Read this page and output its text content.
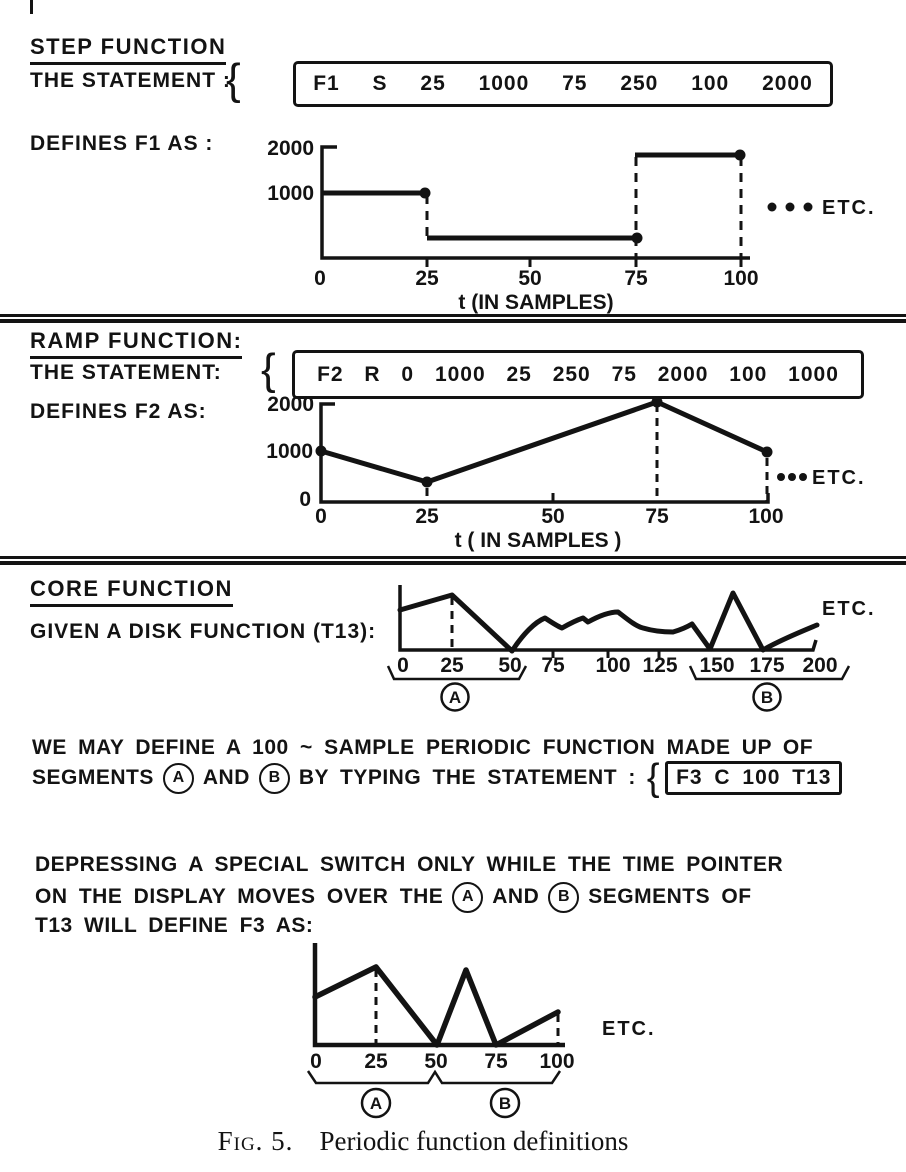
STEP FUNCTION
THE STATEMENT :
{	F1 S 25 1000 75 250 100 2000
DEFINES F1 AS :	2000
1000
0	25	50	75	100
ETC.
t (IN SAMPLES)
RAMP FUNCTION:
THE STATEMENT: {	F2 R 0 1000 25 250 75 2000 100 1000
DEFINES F2 AS:	2000
1000
0
0	25	50	75	100
ETC.
t ( IN SAMPLES )
CORE FUNCTION
GIVEN A DISK FUNCTION (T13):
0 25 50 75 100 125 150 175 200
A	B
ETC.
WE MAY DEFINE A 100 ~ SAMPLE PERIODIC FUNCTION MADE UP OF
SEGMENTS	A AND	B BY TYPING THE STATEMENT : { F3 C 100 T13
DEPRESSING A SPECIAL SWITCH ONLY WHILE THE TIME POINTER
ON THE DISPLAY MOVES OVER THE	A AND	B SEGMENTS OF
T13 WILL DEFINE F3 AS:
0 25 50 75 100
A	B
ETC.
Fig. 5. Periodic function definitions
